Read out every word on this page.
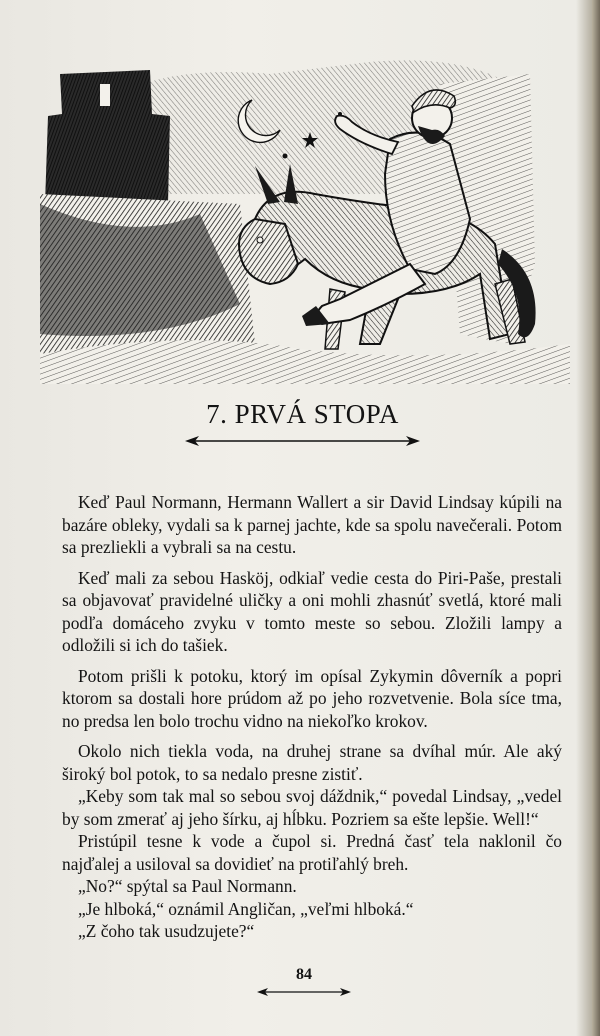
7. PRVÁ STOPA

Keď Paul Normann, Hermann Wallert a sir David Lindsay kúpili na bazáre obleky, vydali sa k parnej jachte, kde sa spolu navečerali. Potom sa prezliekli a vybrali sa na cestu.

Keď mali za sebou Hasköj, odkiaľ vedie cesta do Piri-Paše, prestali sa objavovať pravidelné uličky a oni mohli zhasnúť svetlá, ktoré mali podľa domáceho zvyku v tomto meste so sebou. Zložili lampy a odložili si ich do tašiek.

Potom prišli k potoku, ktorý im opísal Zykymin dôverník a popri ktorom sa dostali hore prúdom až po jeho rozvetvenie. Bola síce tma, no predsa len bolo trochu vidno na niekoľko krokov.

Okolo nich tiekla voda, na druhej strane sa dvíhal múr. Ale aký široký bol potok, to sa nedalo presne zistiť.

„Keby som tak mal so sebou svoj dáždnik,“ povedal Lindsay, „vedel by som zmerať aj jeho šírku, aj hĺbku. Pozriem sa ešte lepšie. Well!“

Pristúpil tesne k vode a čupol si. Predná časť tela naklonil čo najďalej a usiloval sa dovidieť na protiľahlý breh.

„No?“ spýtal sa Paul Normann.

„Je hlboká,“ oznámil Angličan, „veľmi hlboká.“

„Z čoho tak usudzujete?“

84
